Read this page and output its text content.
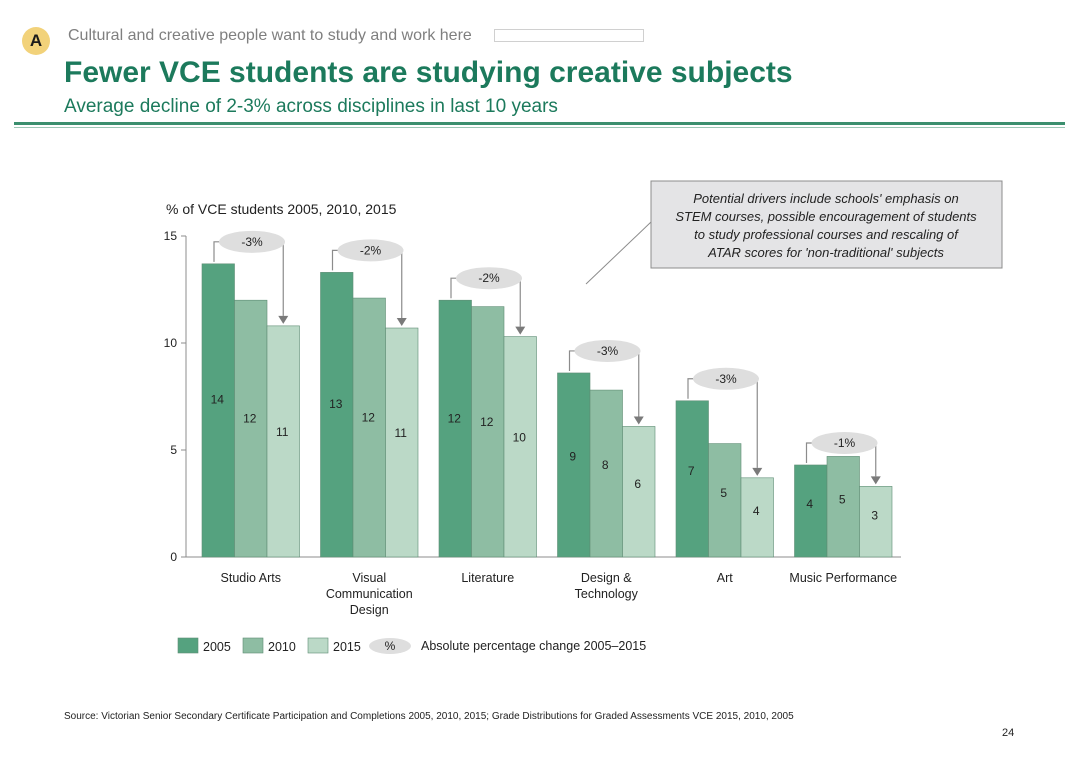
A	Cultural and creative people want to study and work here
Fewer VCE students are studying creative subjects
Average decline of 2-3% across disciplines in last 10 years
% of VCE students 2005, 2010, 2015
0
5
10
15
14
12
11
Studio Arts
-3%
13
12
11
Visual
Communication
Design
-2%
12 12
10
Literature
-2%
9
8
6
Design &
Technology
-3%
7
5
4
Art
-3%
4 5
3
Music Performance
-1%
Potential drivers include schools' emphasis on
STEM courses, possible encouragement of students
to study professional courses and rescaling of
ATAR scores for 'non-traditional' subjects
2005	2010	2015 % Absolute percentage change 2005–2015
Source: Victorian Senior Secondary Certificate Participation and Completions 2005, 2010, 2015; Grade Distributions for Graded Assessments VCE 2015, 2010, 2005
24
